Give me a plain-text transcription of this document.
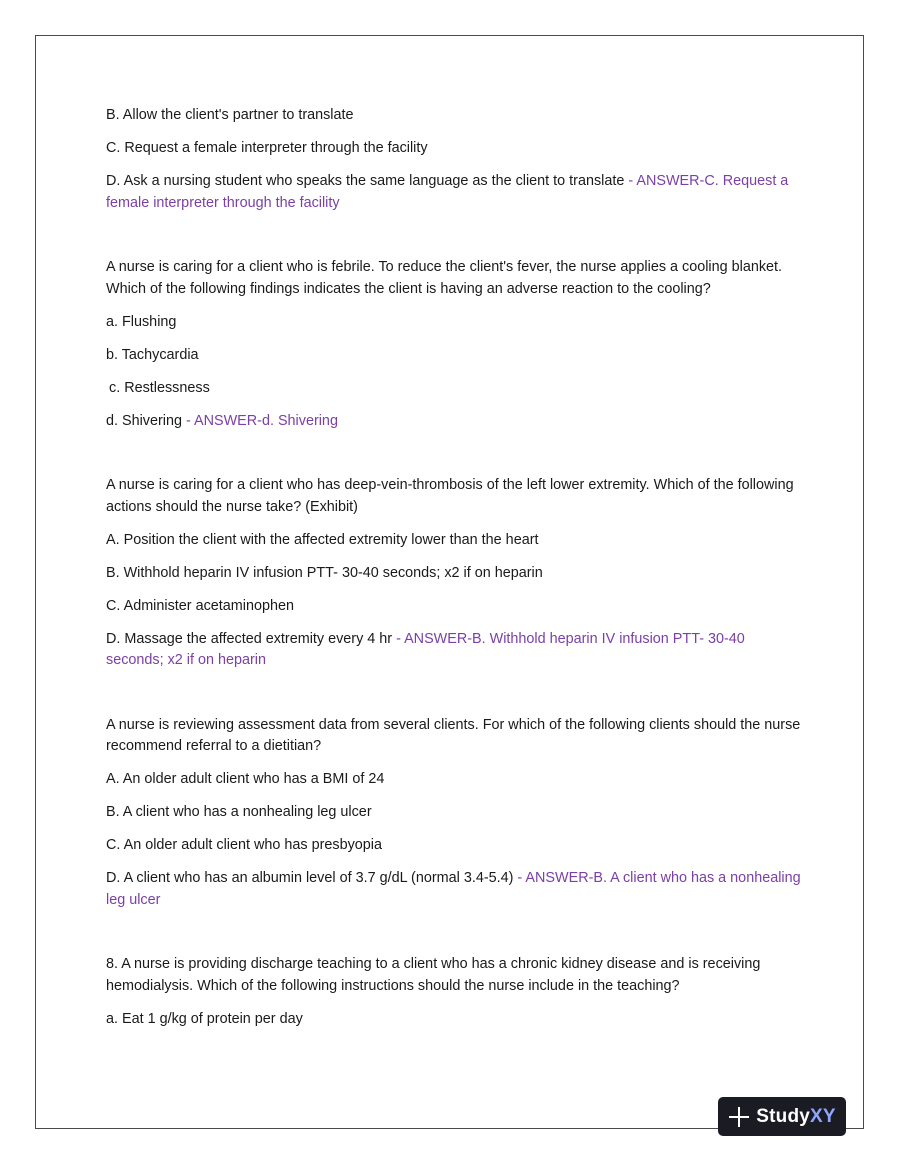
B. Allow the client's partner to translate

C. Request a female interpreter through the facility

D. Ask a nursing student who speaks the same language as the client to translate - ANSWER-C. Request a female interpreter through the facility

A nurse is caring for a client who is febrile. To reduce the client's fever, the nurse applies a cooling blanket. Which of the following findings indicates the client is having an adverse reaction to the cooling?

a. Flushing

b. Tachycardia

c. Restlessness

d. Shivering - ANSWER-d. Shivering

A nurse is caring for a client who has deep-vein-thrombosis of the left lower extremity. Which of the following actions should the nurse take? (Exhibit)

A. Position the client with the affected extremity lower than the heart

B. Withhold heparin IV infusion PTT- 30-40 seconds; x2 if on heparin

C. Administer acetaminophen

D. Massage the affected extremity every 4 hr - ANSWER-B. Withhold heparin IV infusion PTT- 30-40 seconds; x2 if on heparin

A nurse is reviewing assessment data from several clients. For which of the following clients should the nurse recommend referral to a dietitian?

A. An older adult client who has a BMI of 24

B. A client who has a nonhealing leg ulcer

C. An older adult client who has presbyopia

D. A client who has an albumin level of 3.7 g/dL (normal 3.4-5.4) - ANSWER-B. A client who has a nonhealing leg ulcer

8. A nurse is providing discharge teaching to a client who has a chronic kidney disease and is receiving hemodialysis. Which of the following instructions should the nurse include in the teaching?

a. Eat 1 g/kg of protein per day

StudyXY
